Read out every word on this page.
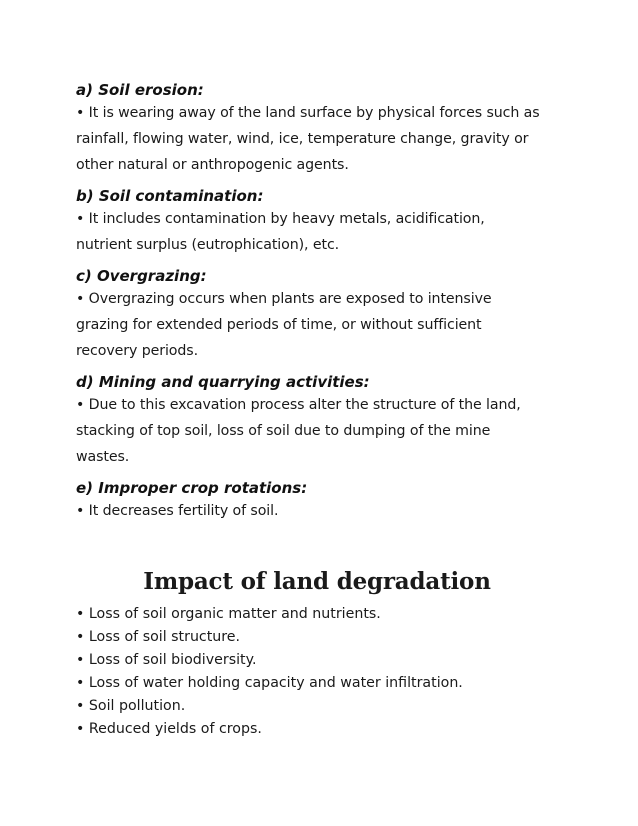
a) Soil erosion:

• It is wearing away of the land surface by physical forces such as
rainfall, flowing water, wind, ice, temperature change, gravity or
other natural or anthropogenic agents.

b) Soil contamination:

• It includes contamination by heavy metals, acidification,
nutrient surplus (eutrophication), etc.

c) Overgrazing:

• Overgrazing occurs when plants are exposed to intensive
grazing for extended periods of time, or without sufficient
recovery periods.

d) Mining and quarrying activities:

• Due to this excavation process alter the structure of the land,
stacking of top soil, loss of soil due to dumping of the mine
wastes.

e) Improper crop rotations:

• It decreases fertility of soil.

Impact of land degradation
• Loss of soil organic matter and nutrients.
• Loss of soil structure.
• Loss of soil biodiversity.
• Loss of water holding capacity and water infiltration.
• Soil pollution.
• Reduced yields of crops.
